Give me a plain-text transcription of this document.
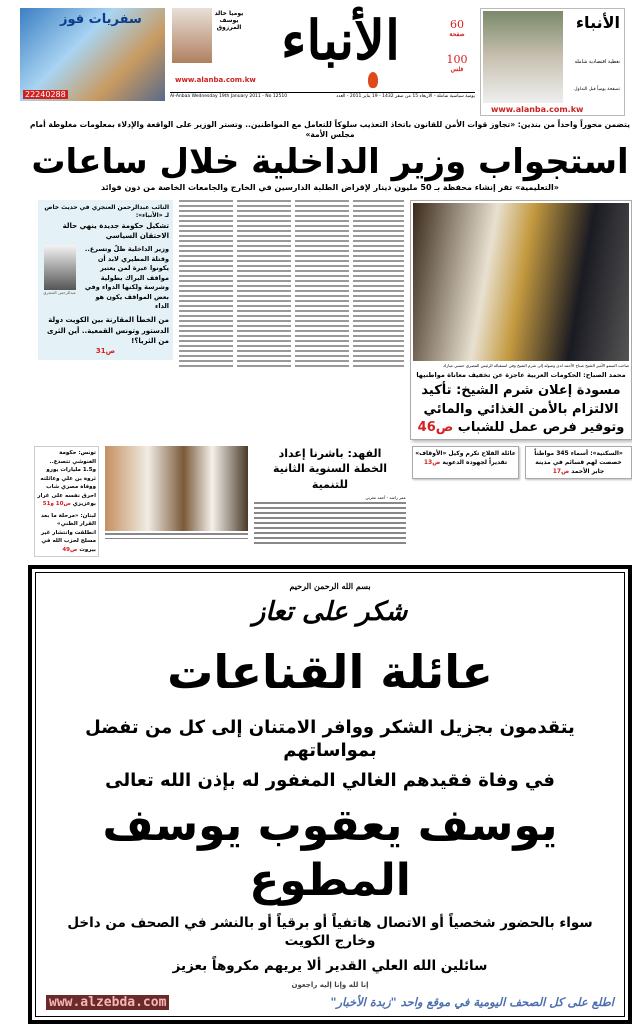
سفريات فوز
22240288
يوميا خالد يوسف المرزوق الأنباء
www.alanba.com.kw
60
صفحة
100
فلس
يومية سياسية شاملة - الأربعاء 15 من صفر 1432 - 19 يناير 2011 - العدد
Al-Anbaa Wednesday 19th January 2011 - No 12510
الأنباء
تغطية اقتصادية شاملة
تصفحة يومياً قبل التداول
www.alanba.com.kw
يتضمن محوراً واحداً من بندين: «تجاوز قوات الأمن للقانون باتخاذ التعذيب سلوكاً للتعامل مع المواطنين.. وتستر الوزير على الواقعة والإدلاء بمعلومات مغلوطة أمام مجلس الأمة»
استجواب وزير الداخلية خلال ساعات
«التعليمية» تقر إنشاء محفظة بـ 50 مليون دينار لإقراض الطلبة الدارسين في الخارج والجامعات الخاصة من دون فوائد
صاحب السمو الأمير الشيخ صباح الأحمد لدى وصوله إلى شرم الشيخ وفي استقباله الرئيس المصري حسني مبارك
محمد الصباح: الحكومات العربية عاجزة عن تخفيف معاناة مواطنيها
مسودة إعلان شرم الشيخ: تأكيد الالتزام بالأمن الغذائي والمائي وتوفير فرص عمل للشباب ص46
النائب عبدالرحمن العنجري في حديث خاص لـ «الأنباء»:
تشكيل حكومة جديدة ينهي حالة الاحتقان السياسي
عبدالرحمن العنجري
وزير الداخلية ظلّ وتسرع.. وقتلة المطيري لابد أن يكونوا عبرة لمن يعتبر
مواقف البراك بطولية وشرسة ولكنها الدواء وفي بعض المواقف يكون هو الداء
من الخطأ المقارنة بين الكويت دولة الدستور وتونس القمعية.. أين الثرى من الثريا؟!
ص31
«السكنية»: أسماء 345 مواطناً خصصت لهم قسائم في مدينة جابر الأحمد ص17
عائلة الفلاح تكرم وكيل «الأوقاف» تقديراً لجهوده الدعوية ص13
الفهد: باشرنا إعداد الخطة السنوية الثانية للتنمية
عمر راشد - أحمد مغربي
تونس: حكومة الغنوشي تتصدع.. و1.5 مليارات يورو ثروة بن علي وعائلته ووفاة مصري شاب احرق نفسه على غرار بوعزيزي ص10 و51
لبنان: «مرحلة ما بعد القرار الظني» انطلقت وانتشار غير مسلح لحزب الله في بيروت ص49
بسم الله الرحمن الرحيم
شكر على تعاز
عائلة القناعات
يتقدمون بجزيل الشكر ووافر الامتنان إلى كل من تفضل بمواساتهم
في وفاة فقيدهم الغالي المغفور له بإذن الله تعالى
يوسف يعقوب يوسف المطوع
سواء بالحضور شخصياً أو الاتصال هاتفياً أو برقياً أو بالنشر في الصحف من داخل وخارج الكويت
سائلين الله العلي القدير ألا يريهم مكروهاً بعزيز
إنا لله وإنا إليه راجعون
اطلع على كل الصحف اليومية في موقع واحد "زبدة الأخبار"
www.alzebda.com
